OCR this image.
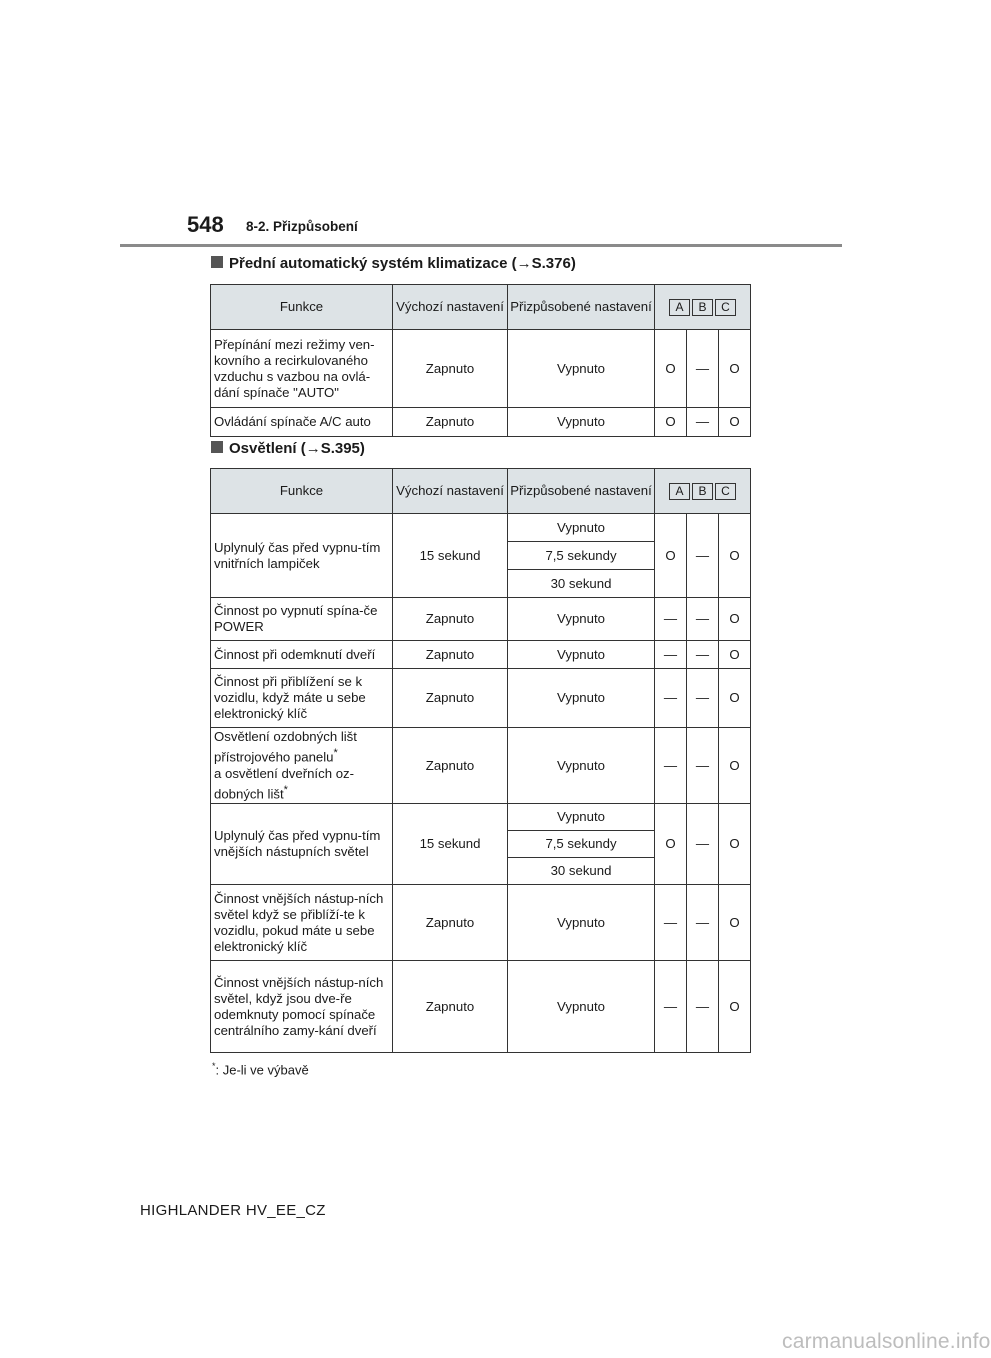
548 8-2. Přizpůsobení
Přední automatický systém klimatizace (→S.376)
Funkce	Výchozí nastavení	Přizpůsobené nastavení	A B C		
Přepínání mezi režimy ven-kovního a recirkulovaného vzduchu s vazbou na ovlá-dání spínače "AUTO"	Zapnuto	Vypnuto	O	—	O
Ovládání spínače A/C auto	Zapnuto	Vypnuto	O	—	O
Osvětlení (→S.395)
Funkce	Výchozí nastavení	Přizpůsobené nastavení	A B C		
Uplynulý čas před vypnu-tím vnitřních lampiček	15 sekund	Vypnuto	O	—	O
		7,5 sekundy			
		30 sekund			
Činnost po vypnutí spína-če POWER	Zapnuto	Vypnuto	—	—	O
Činnost při odemknutí dveří	Zapnuto	Vypnuto	—	—	O
Činnost při přiblížení se k vozidlu, když máte u sebe elektronický klíč	Zapnuto	Vypnuto	—	—	O
Osvětlení ozdobných lišt přístrojového panelu*
a osvětlení dveřních oz-dobných lišt*	Zapnuto	Vypnuto	—	—	O
Uplynulý čas před vypnu-tím vnějších nástupních světel	15 sekund	Vypnuto	O	—	O
		7,5 sekundy			
		30 sekund			
Činnost vnějších nástup-ních světel když se přiblíží-te k vozidlu, pokud máte u sebe elektronický klíč	Zapnuto	Vypnuto	—	—	O
Činnost vnějších nástup-ních světel, když jsou dve-ře odemknuty pomocí spínače centrálního zamy-kání dveří	Zapnuto	Vypnuto	—	—	O
*: Je-li ve výbavě
HIGHLANDER HV_EE_CZ
carmanualsonline.info
